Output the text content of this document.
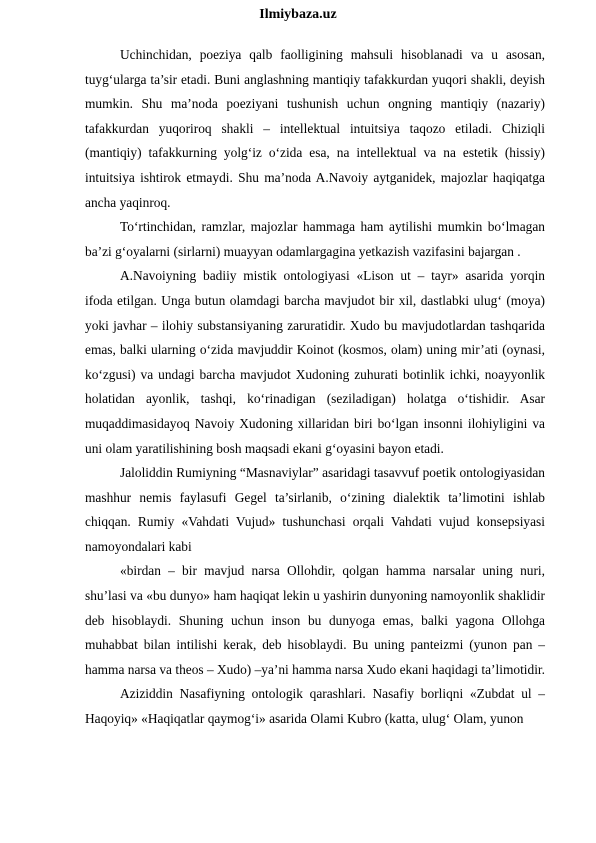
Ilmiybaza.uz

Uchinchidan, poeziya qalb faolligining mahsuli hisoblanadi va u asosan, tuyg‘ularga ta’sir etadi. Buni anglashning mantiqiy tafakkurdan yuqori shakli, deyish mumkin. Shu ma’noda poeziyani tushunish uchun ongning mantiqiy (nazariy) tafakkurdan yuqoriroq shakli – intellektual intuitsiya taqozo etiladi. Chiziqli (mantiqiy) tafakkurning yolg‘iz o‘zida esa, na intellektual va na estetik (hissiy) intuitsiya ishtirok etmaydi. Shu ma’noda A.Navoiy aytganidek, majozlar haqiqatga ancha yaqinroq.

To‘rtinchidan, ramzlar, majozlar hammaga ham aytilishi mumkin bo‘lmagan ba’zi g‘oyalarni (sirlarni) muayyan odamlargagina yetkazish vazifasini bajargan .

A.Navoiyning badiiy mistik ontologiyasi «Lison ut – tayr» asarida yorqin ifoda etilgan. Unga butun olamdagi barcha mavjudot bir xil, dastlabki ulug‘ (moya) yoki javhar – ilohiy substansiyaning zaruratidir. Xudo bu mavjudotlardan tashqarida emas, balki ularning o‘zida mavjuddir Koinot (kosmos, olam) uning mir’ati (oynasi, ko‘zgusi) va undagi barcha mavjudot Xudoning zuhurati botinlik ichki, noayyonlik holatidan ayonlik, tashqi, ko‘rinadigan (seziladigan) holatga o‘tishidir. Asar muqaddimasidayoq Navoiy Xudoning xillaridan biri bo‘lgan insonni ilohiyligini va uni olam yaratilishining bosh maqsadi ekani g‘oyasini bayon etadi.

Jaloliddin Rumiyning “Masnaviylar” asaridagi tasavvuf poetik ontologiyasidan mashhur nemis faylasufi Gegel ta’sirlanib, o‘zining dialektik ta’limotini ishlab chiqqan. Rumiy «Vahdati Vujud» tushunchasi orqali Vahdati vujud konsepsiyasi namoyondalari kabi

«birdan – bir mavjud narsa Ollohdir, qolgan hamma narsalar uning nuri, shu’lasi va «bu dunyo» ham haqiqat lekin u yashirin dunyoning namoyonlik shaklidir deb hisoblaydi. Shuning uchun inson bu dunyoga emas, balki yagona Ollohga muhabbat bilan intilishi kerak, deb hisoblaydi. Bu uning panteizmi (yunon pan – hamma narsa va theos – Xudo) –ya’ni hamma narsa Xudo ekani haqidagi ta’limotidir.

Aziziddin Nasafiyning ontologik qarashlari. Nasafiy borliqni «Zubdat ul – Haqoyiq» «Haqiqatlar qaymog‘i» asarida Olami Kubro (katta, ulug‘ Olam, yunon
